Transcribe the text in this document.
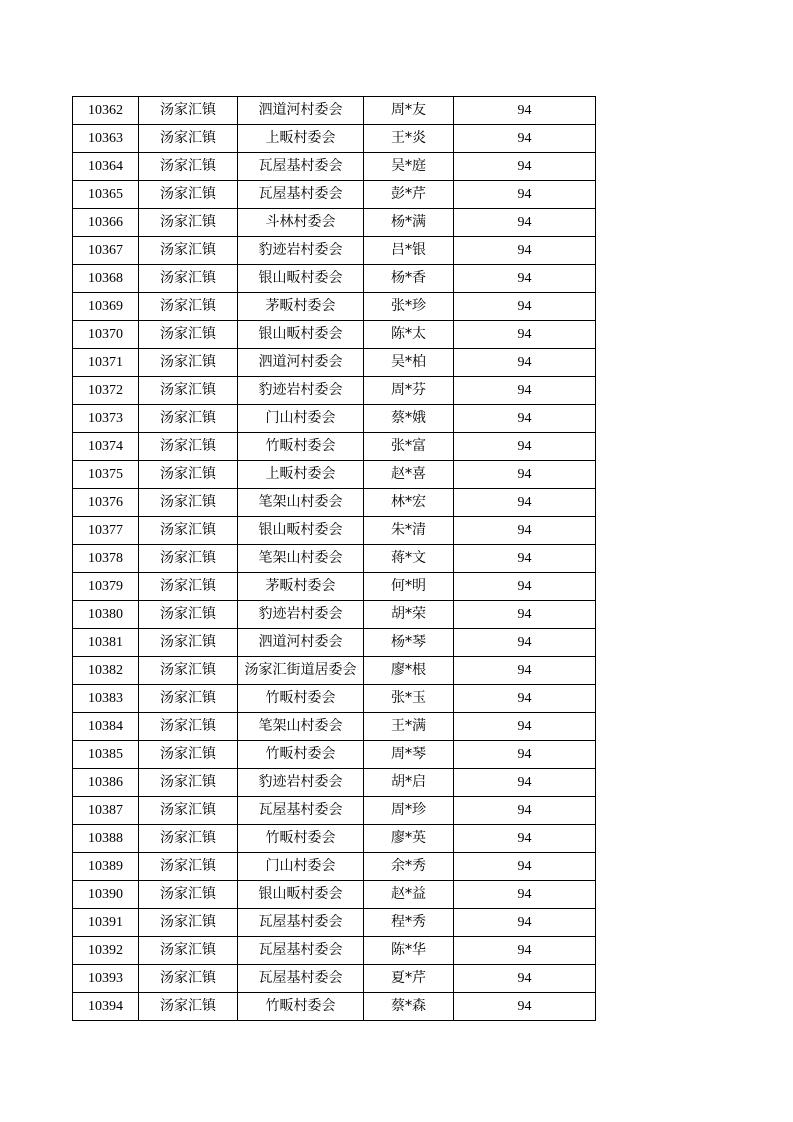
10362	汤家汇镇	泗道河村委会	周*友	94
10363	汤家汇镇	上畈村委会	王*炎	94
10364	汤家汇镇	瓦屋基村委会	吴*庭	94
10365	汤家汇镇	瓦屋基村委会	彭*芹	94
10366	汤家汇镇	斗林村委会	杨*满	94
10367	汤家汇镇	豹迹岩村委会	吕*银	94
10368	汤家汇镇	银山畈村委会	杨*香	94
10369	汤家汇镇	茅畈村委会	张*珍	94
10370	汤家汇镇	银山畈村委会	陈*太	94
10371	汤家汇镇	泗道河村委会	吴*柏	94
10372	汤家汇镇	豹迹岩村委会	周*芬	94
10373	汤家汇镇	门山村委会	蔡*娥	94
10374	汤家汇镇	竹畈村委会	张*富	94
10375	汤家汇镇	上畈村委会	赵*喜	94
10376	汤家汇镇	笔架山村委会	林*宏	94
10377	汤家汇镇	银山畈村委会	朱*清	94
10378	汤家汇镇	笔架山村委会	蒋*文	94
10379	汤家汇镇	茅畈村委会	何*明	94
10380	汤家汇镇	豹迹岩村委会	胡*荣	94
10381	汤家汇镇	泗道河村委会	杨*琴	94
10382	汤家汇镇	汤家汇街道居委会	廖*根	94
10383	汤家汇镇	竹畈村委会	张*玉	94
10384	汤家汇镇	笔架山村委会	王*满	94
10385	汤家汇镇	竹畈村委会	周*琴	94
10386	汤家汇镇	豹迹岩村委会	胡*启	94
10387	汤家汇镇	瓦屋基村委会	周*珍	94
10388	汤家汇镇	竹畈村委会	廖*英	94
10389	汤家汇镇	门山村委会	余*秀	94
10390	汤家汇镇	银山畈村委会	赵*益	94
10391	汤家汇镇	瓦屋基村委会	程*秀	94
10392	汤家汇镇	瓦屋基村委会	陈*华	94
10393	汤家汇镇	瓦屋基村委会	夏*芹	94
10394	汤家汇镇	竹畈村委会	蔡*森	94
